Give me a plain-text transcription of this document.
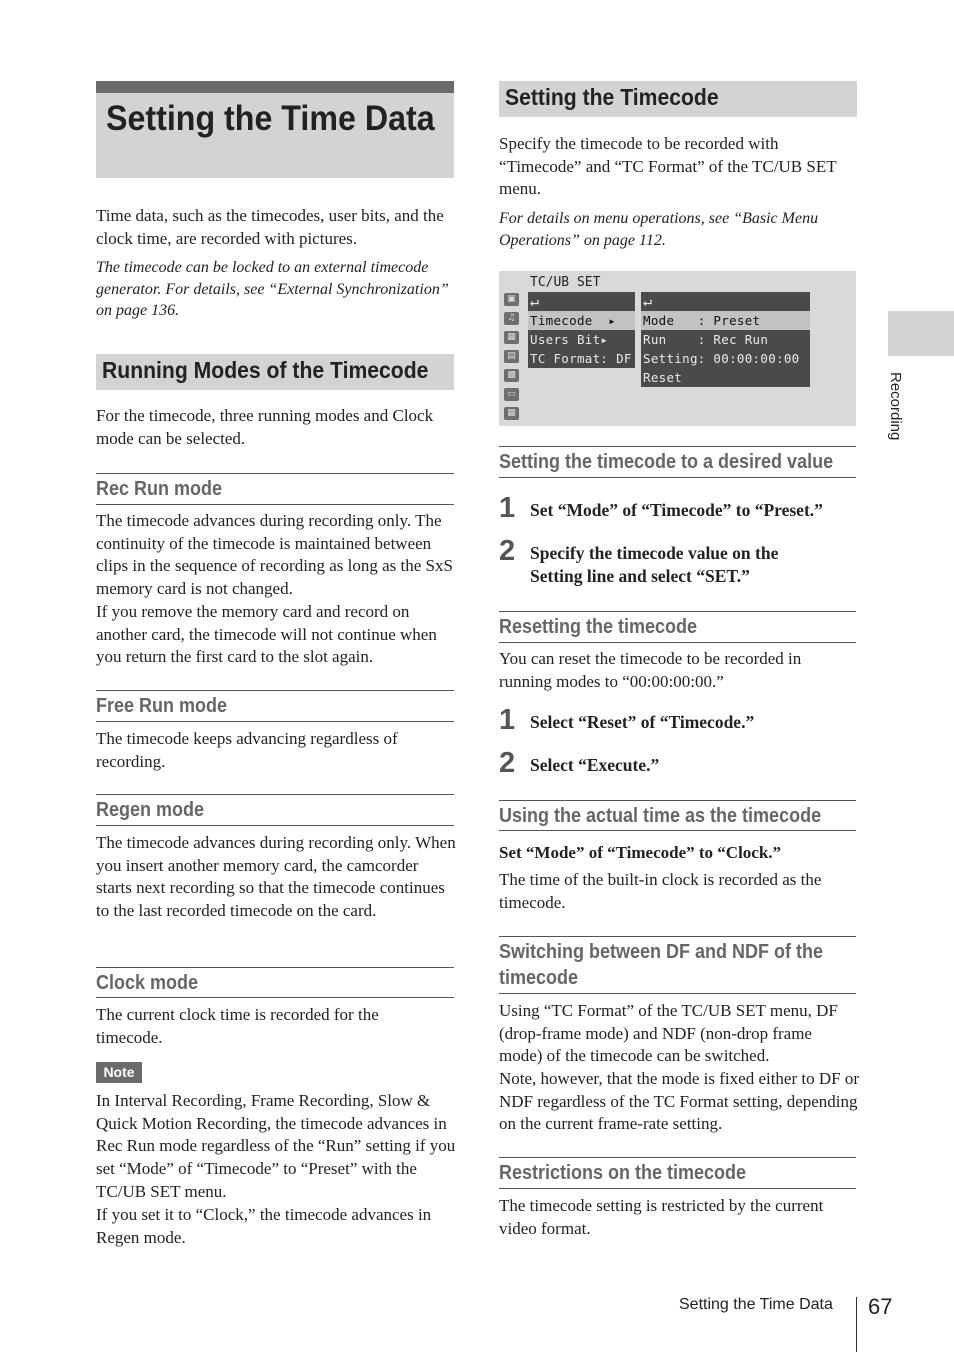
Setting the Time Data

Time data, such as the timecodes, user bits, and the clock time, are recorded with pictures.

The timecode can be locked to an external timecode generator. For details, see “External Synchronization” on page 136.

Running Modes of the Timecode

For the timecode, three running modes and Clock mode can be selected.

Rec Run mode

The timecode advances during recording only. The continuity of the timecode is maintained between clips in the sequence of recording as long as the SxS memory card is not changed.

If you remove the memory card and record on another card, the timecode will not continue when you return the first card to the slot again.

Free Run mode

The timecode keeps advancing regardless of recording.

Regen mode

The timecode advances during recording only. When you insert another memory card, the camcorder starts next recording so that the timecode continues to the last recorded timecode on the card.

Clock mode

The current clock time is recorded for the timecode.

Note

In Interval Recording, Frame Recording, Slow & Quick Motion Recording, the timecode advances in Rec Run mode regardless of the “Run” setting if you set “Mode” of “Timecode” to “Preset” with the TC/UB SET menu.

If you set it to “Clock,” the timecode advances in Regen mode.

Setting the Timecode

Specify the timecode to be recorded with “Timecode” and “TC Format” of the TC/UB SET menu.

For details on menu operations, see “Basic Menu Operations” on page 112.

TC/UB SET
▣
♫
▦
▤
▩
▭
▦
↵
Timecode  ▸
Users Bit▸
TC Format: DF
↵
Mode   : Preset
Run    : Rec Run
Setting: 00:00:00:00
Reset
Setting the timecode to a desired value
1 Set “Mode” of “Timecode” to “Preset.”

2 Specify the timecode value on the Setting line and select “SET.”

Resetting the timecode

You can reset the timecode to be recorded in running modes to “00:00:00:00.”

1 Select “Reset” of “Timecode.”

2 Select “Execute.”

Using the actual time as the timecode

Set “Mode” of “Timecode” to “Clock.”

The time of the built-in clock is recorded as the timecode.

Switching between DF and NDF of the
timecode

Using “TC Format” of the TC/UB SET menu, DF (drop-frame mode) and NDF (non-drop frame mode) of the timecode can be switched.

Note, however, that the mode is fixed either to DF or NDF regardless of the TC Format setting, depending on the current frame-rate setting.

Restrictions on the timecode

The timecode setting is restricted by the current video format.

Recording
Setting the Time Data 67
